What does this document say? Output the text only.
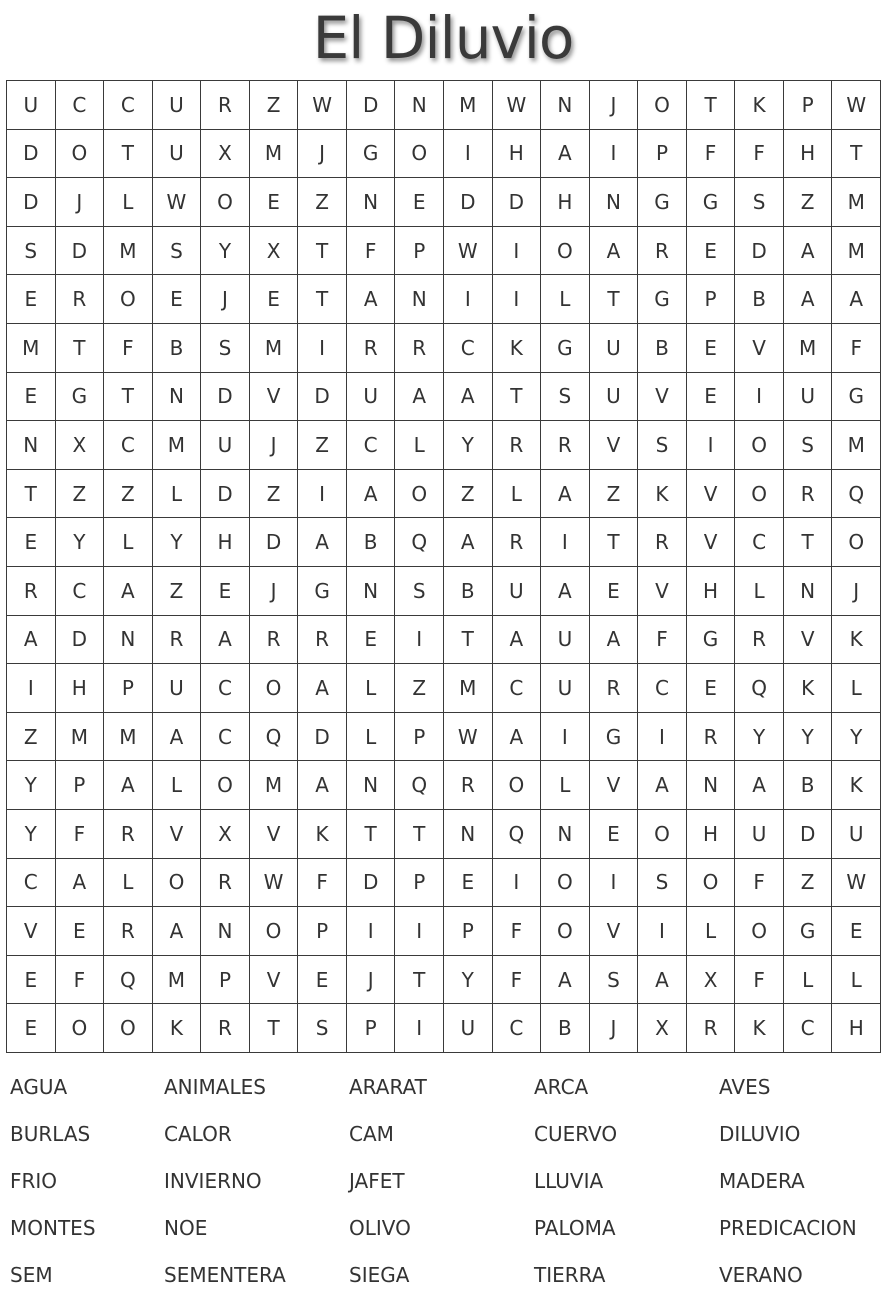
El Diluvio
U	C	C	U	R	Z	W	D	N	M	W	N	J	O	T	K	P	W
D	O	T	U	X	M	J	G	O	I	H	A	I	P	F	F	H	T
D	J	L	W	O	E	Z	N	E	D	D	H	N	G	G	S	Z	M
S	D	M	S	Y	X	T	F	P	W	I	O	A	R	E	D	A	M
E	R	O	E	J	E	T	A	N	I	I	L	T	G	P	B	A	A
M	T	F	B	S	M	I	R	R	C	K	G	U	B	E	V	M	F
E	G	T	N	D	V	D	U	A	A	T	S	U	V	E	I	U	G
N	X	C	M	U	J	Z	C	L	Y	R	R	V	S	I	O	S	M
T	Z	Z	L	D	Z	I	A	O	Z	L	A	Z	K	V	O	R	Q
E	Y	L	Y	H	D	A	B	Q	A	R	I	T	R	V	C	T	O
R	C	A	Z	E	J	G	N	S	B	U	A	E	V	H	L	N	J
A	D	N	R	A	R	R	E	I	T	A	U	A	F	G	R	V	K
I	H	P	U	C	O	A	L	Z	M	C	U	R	C	E	Q	K	L
Z	M	M	A	C	Q	D	L	P	W	A	I	G	I	R	Y	Y	Y
Y	P	A	L	O	M	A	N	Q	R	O	L	V	A	N	A	B	K
Y	F	R	V	X	V	K	T	T	N	Q	N	E	O	H	U	D	U
C	A	L	O	R	W	F	D	P	E	I	O	I	S	O	F	Z	W
V	E	R	A	N	O	P	I	I	P	F	O	V	I	L	O	G	E
E	F	Q	M	P	V	E	J	T	Y	F	A	S	A	X	F	L	L
E	O	O	K	R	T	S	P	I	U	C	B	J	X	R	K	C	H
AGUA	ANIMALES	ARARAT	ARCA	AVES
BURLAS	CALOR	CAM	CUERVO	DILUVIO
FRIO	INVIERNO	JAFET	LLUVIA	MADERA
MONTES	NOE	OLIVO	PALOMA	PREDICACION
SEM	SEMENTERA	SIEGA	TIERRA	VERANO
